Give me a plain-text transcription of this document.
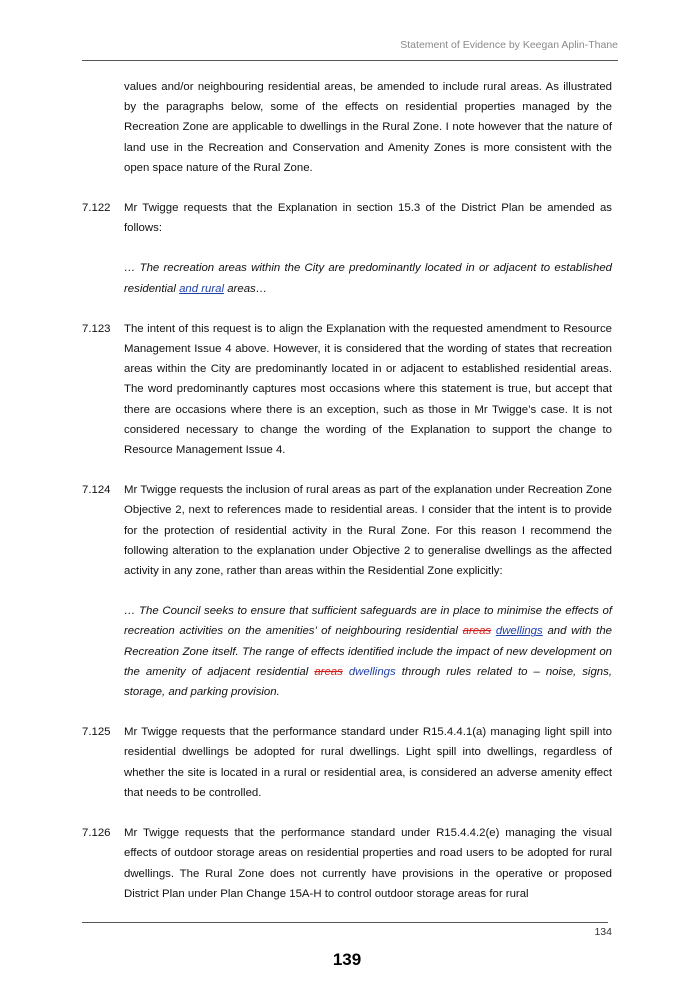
Statement of Evidence by Keegan Aplin-Thane
values and/or neighbouring residential areas, be amended to include rural areas. As illustrated by the paragraphs below, some of the effects on residential properties managed by the Recreation Zone are applicable to dwellings in the Rural Zone. I note however that the nature of land use in the Recreation and Conservation and Amenity Zones is more consistent with the open space nature of the Rural Zone.
7.122	Mr Twigge requests that the Explanation in section 15.3 of the District Plan be amended as follows:
… The recreation areas within the City are predominantly located in or adjacent to established residential and rural areas…
7.123	The intent of this request is to align the Explanation with the requested amendment to Resource Management Issue 4 above. However, it is considered that the wording of states that recreation areas within the City are predominantly located in or adjacent to established residential areas. The word predominantly captures most occasions where this statement is true, but accept that there are occasions where there is an exception, such as those in Mr Twigge’s case. It is not considered necessary to change the wording of the Explanation to support the change to Resource Management Issue 4.
7.124	Mr Twigge requests the inclusion of rural areas as part of the explanation under Recreation Zone Objective 2, next to references made to residential areas. I consider that the intent is to provide for the protection of residential activity in the Rural Zone. For this reason I recommend the following alteration to the explanation under Objective 2 to generalise dwellings as the affected activity in any zone, rather than areas within the Residential Zone explicitly:
… The Council seeks to ensure that sufficient safeguards are in place to minimise the effects of recreation activities on the amenities’ of neighbouring residential areas dwellings and with the Recreation Zone itself. The range of effects identified include the impact of new development on the amenity of adjacent residential areas dwellings through rules related to – noise, signs, storage, and parking provision.
7.125	Mr Twigge requests that the performance standard under R15.4.4.1(a) managing light spill into residential dwellings be adopted for rural dwellings. Light spill into dwellings, regardless of whether the site is located in a rural or residential area, is considered an adverse amenity effect that needs to be controlled.
7.126	Mr Twigge requests that the performance standard under R15.4.4.2(e) managing the visual effects of outdoor storage areas on residential properties and road users to be adopted for rural dwellings. The Rural Zone does not currently have provisions in the operative or proposed District Plan under Plan Change 15A-H to control outdoor storage areas for rural
134
139
